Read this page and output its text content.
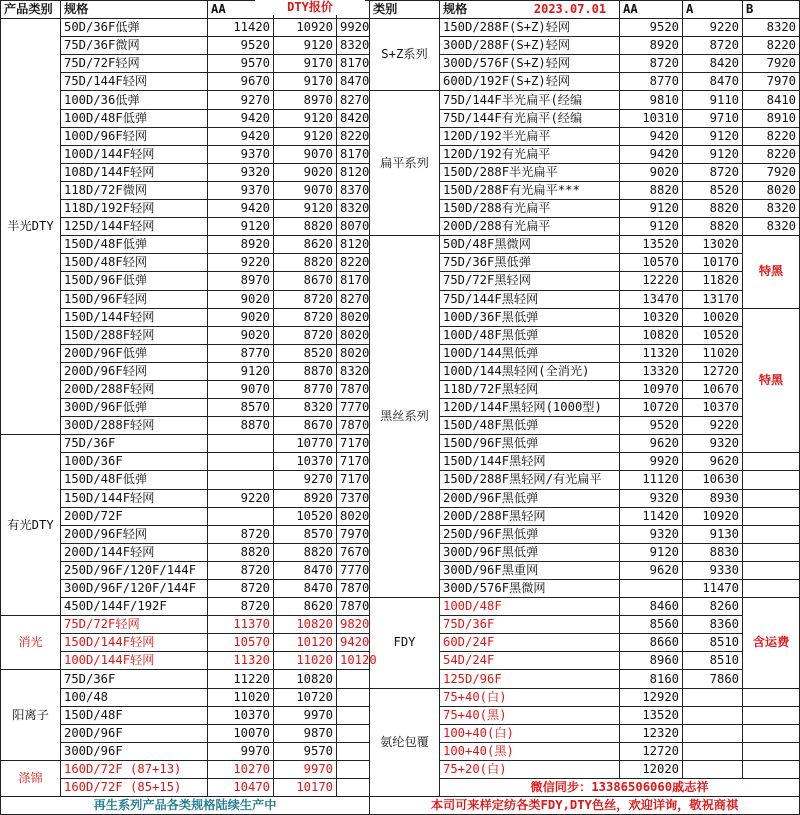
产品类别	规格	AA			类别	规格	AA	A	B
半光DTY	50D/36F低弹	11420	10920	9920	S+Z系列	150D/288F(S+Z)轻网	9520	9220	8320
	75D/36F微网	9520	9120	8320		300D/288F(S+Z)轻网	8920	8720	8220
	75D/72F轻网	9570	9170	8170		300D/576F(S+Z)轻网	8720	8420	7920
	75D/144F轻网	9670	9170	8470		600D/192F(S+Z)轻网	8770	8470	7970
	100D/36低弹	9270	8970	8270	扁平系列	75D/144F半光扁平(经编	9810	9110	8410
	100D/48F低弹	9420	9120	8420		75D/144F有光扁平(经编	10310	9710	8910
	100D/96F轻网	9420	9120	8220		120D/192半光扁平	9420	9120	8220
	100D/144F轻网	9370	9070	8170		120D/192有光扁平	9420	9120	8220
	108D/144F轻网	9320	9020	8120		150D/288F半光扁平	9020	8720	7920
	118D/72F微网	9370	9070	8370		150D/288F有光扁平***	8820	8520	8020
	118D/192F轻网	9420	9120	8320		150D/288有光扁平	9120	8820	8320
	125D/144F轻网	9120	8820	8070		200D/288有光扁平	9120	8820	8320
	150D/48F低弹	8920	8620	8120	黑丝系列	50D/48F黑微网	13520	13020	特黑
	150D/48F轻网	9220	8820	8220		75D/36F黑低弹	10570	10170	
	150D/96F低弹	8970	8670	8170		75D/72F黑轻网	12220	11820	
	150D/96F轻网	9020	8720	8270		75D/144F黑轻网	13470	13170	
	150D/144F轻网	9020	8720	8020		100D/36F黑低弹	10320	10020	特黑
	150D/288F轻网	9020	8720	8020		100D/48F黑低弹	10820	10520	
	200D/96F低弹	8770	8520	8020		100D/144黑低弹	11320	11020	
	200D/96F轻网	9120	8870	8320		100D/144黑轻网(全消光)	13320	12720	
	200D/288F轻网	9070	8770	7870		118D/72F黑轻网	10970	10670	
	300D/96F低弹	8570	8320	7770		120D/144F黑轻网(1000型)	10720	10370	
	300D/288F轻网	8870	8670	7870		150D/48F黑低弹	9520	9220	
有光DTY	75D/36F		10770	7170		150D/96F黑低弹	9620	9320	
	100D/36F		10370	7170		150D/144F黑轻网	9920	9620	
	150D/48F低弹		9270	7170		150D/288F黑轻网/有光扁平	11120	10630	
	150D/144F轻网	9220	8920	7370		200D/96F黑低弹	9320	8930	
	200D/72F		10520	8020		200D/288F黑轻网	11420	10920	
	200D/96F轻网	8720	8570	7970		250D/96F黑低弹	9320	9130	
	200D/144F轻网	8820	8820	7670		300D/96F黑低弹	9120	8830	
	250D/96F/120F/144F	8720	8470	7770		300D/96F黑重网	9620	9330	
	300D/96F/120F/144F	8720	8470	7870		300D/576F黑微网		11470	
	450D/144F/192F	8720	8620	7870	FDY	100D/48F	8460	8260	含运费
消光	75D/72F轻网	11370	10820	9820		75D/36F	8560	8360	
	150D/144F轻网	10570	10120	9420		60D/24F	8660	8510	
	100D/144F轻网	11320	11020	10120		54D/24F	8960	8510	
阳离子	75D/36F	11220	10820			125D/96F	8160	7860	
	100/48	11020	10720		氨纶包覆	75+40(白)	12920		
	150D/48F	10370	9970			75+40(黑)	13520		
	200D/96F	10070	9870			100+40(白)	12320		
	300D/96F	9970	9570			100+40(黑)	12720		
涤锦	160D/72F (87+13)	10270	9970			75+20(白)	12020		
	160D/72F (85+15)	10470	10170			微信同步：13386506060戚志祥			
再生系列产品各类规格陆续生产中					本司可来样定纺各类FDY,DTY色丝，欢迎详询，敬祝商祺				
DTY报价	2023.07.01
